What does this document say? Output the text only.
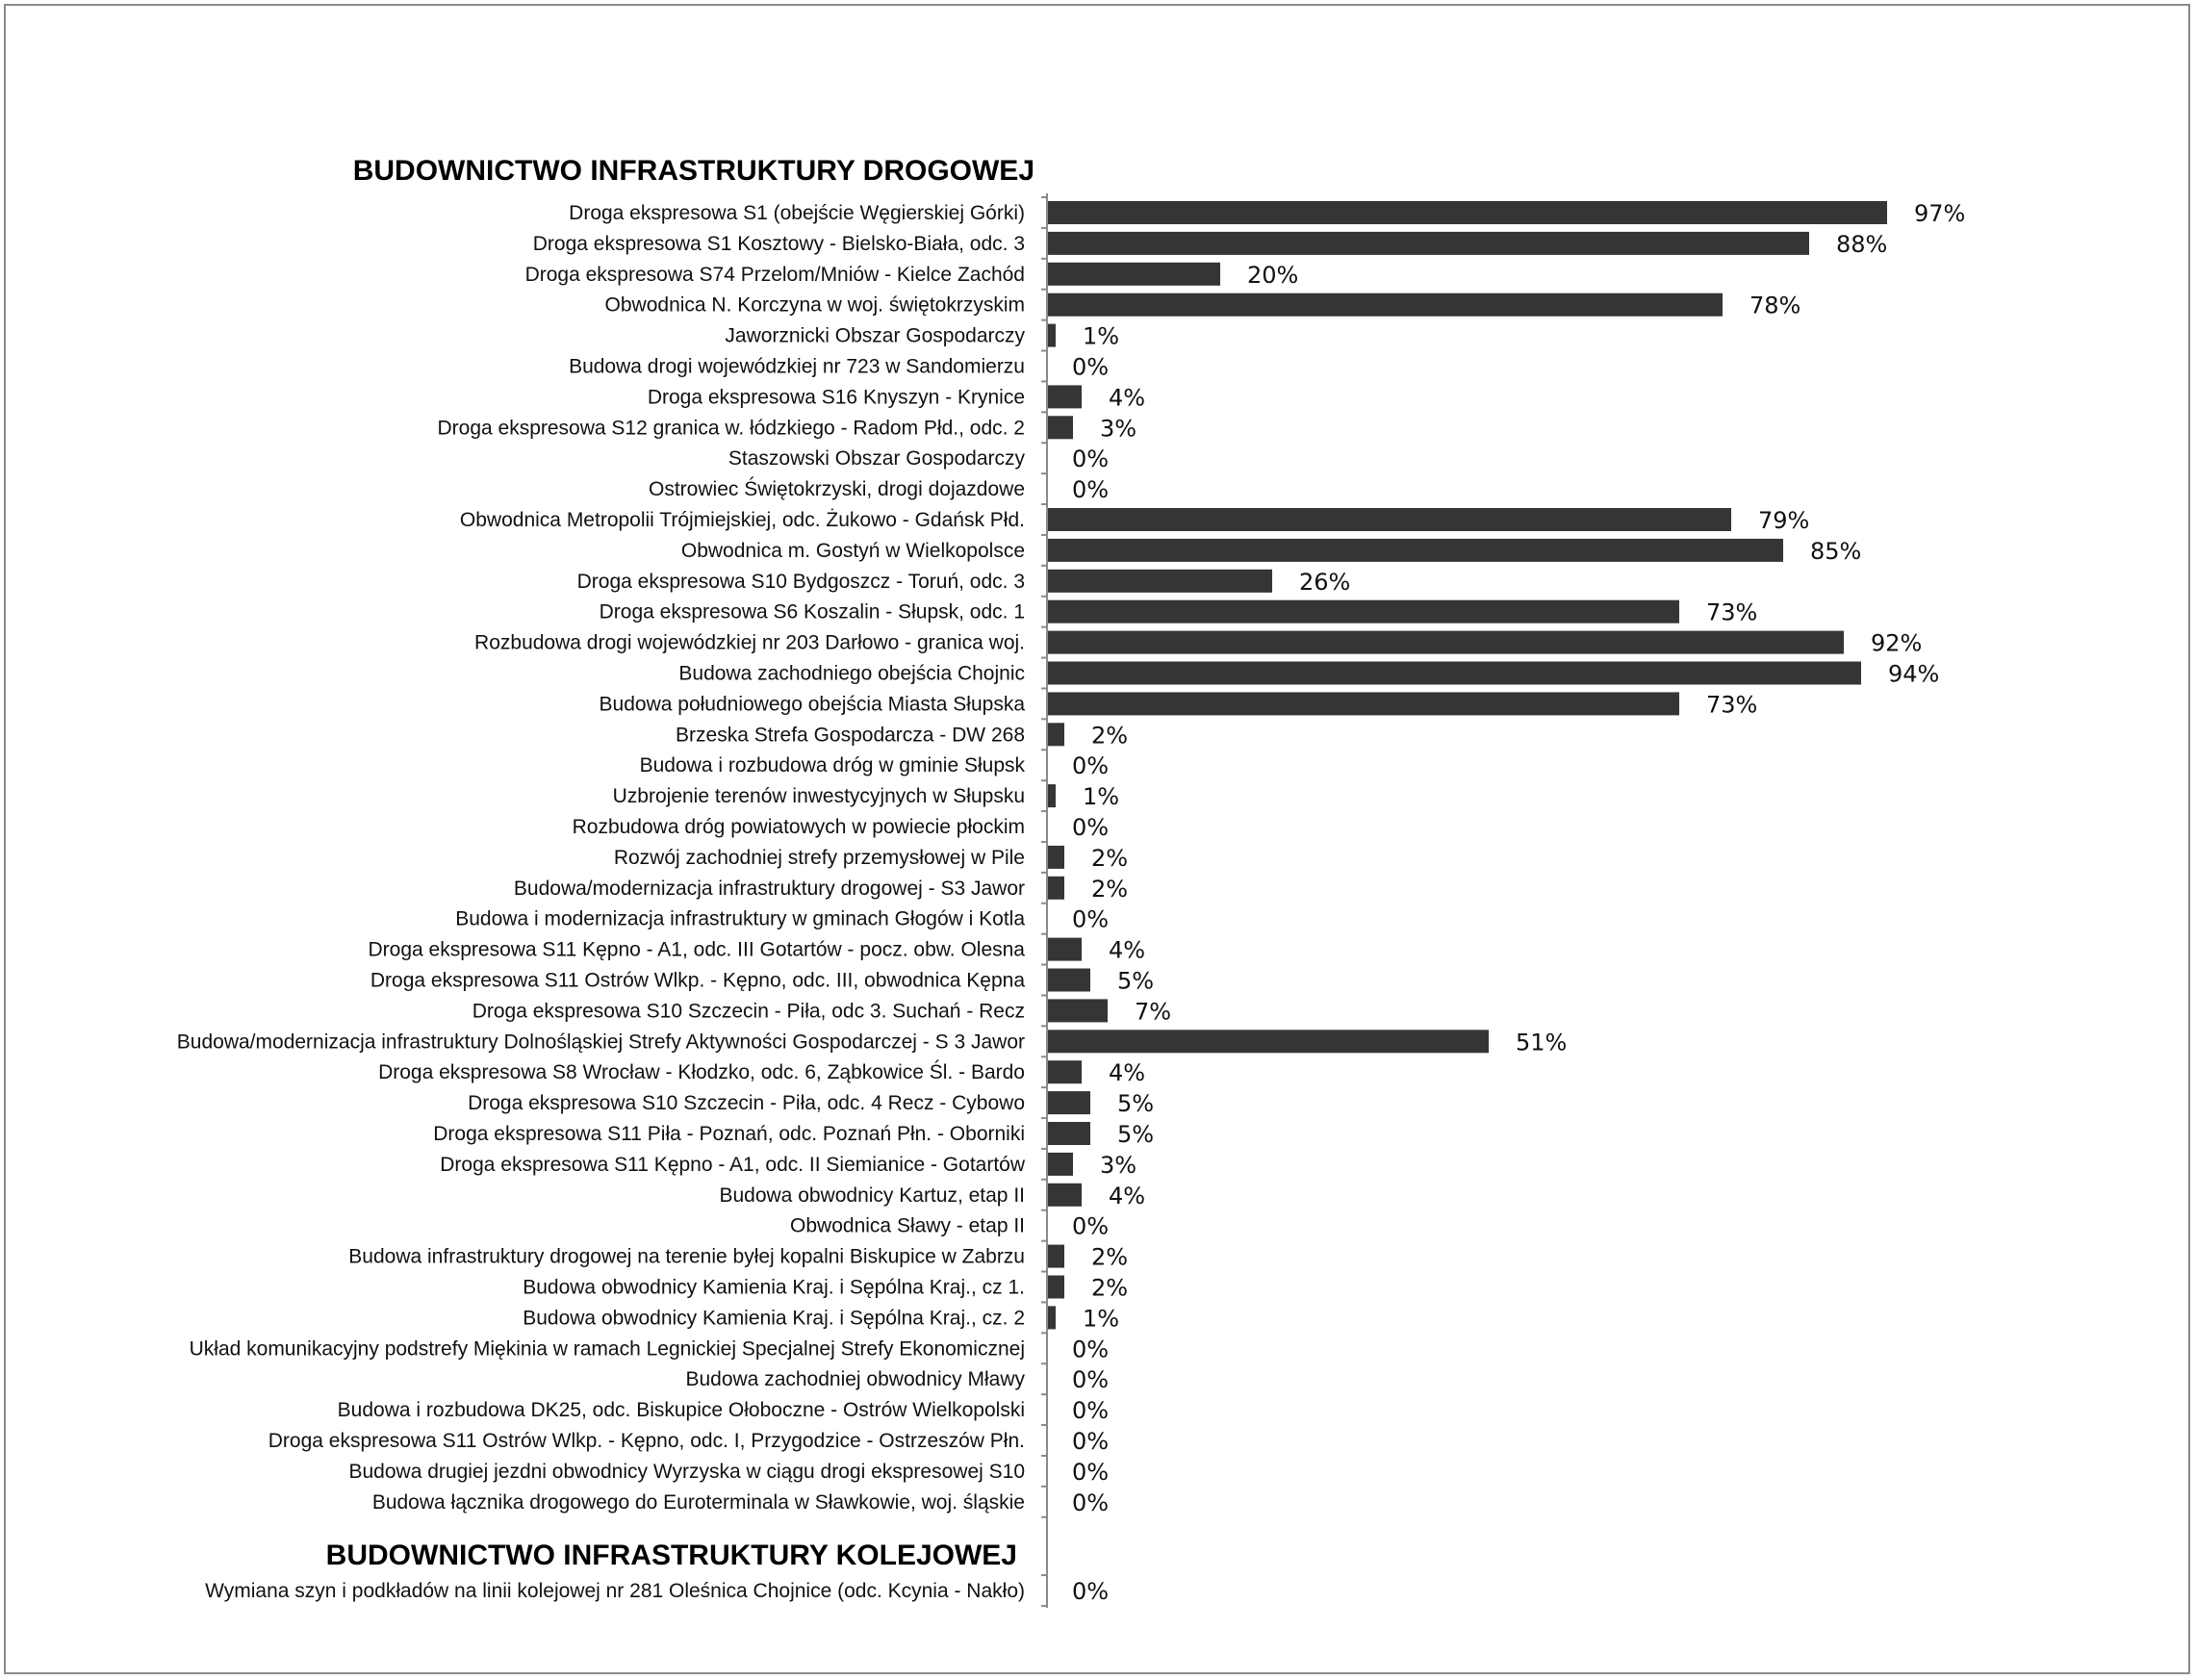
BUDOWNICTWO INFRASTRUKTURY DROGOWEJ
Droga ekspresowa S1 (obejście Węgierskiej Górki)	97%
Droga ekspresowa S1 Kosztowy - Bielsko-Biała, odc. 3	88%
Droga ekspresowa S74 Przelom/Mniów - Kielce Zachód	20%
Obwodnica N. Korczyna w woj. świętokrzyskim	78%
Jaworznicki Obszar Gospodarczy	1%
Budowa drogi wojewódzkiej nr 723 w Sandomierzu 0%
Droga ekspresowa S16 Knyszyn - Krynice	4%
Droga ekspresowa S12 granica w. łódzkiego - Radom Płd., odc. 2	3%
Staszowski Obszar Gospodarczy 0%
Ostrowiec Świętokrzyski, drogi dojazdowe 0%
Obwodnica Metropolii Trójmiejskiej, odc. Żukowo - Gdańsk Płd.	79%
Obwodnica m. Gostyń w Wielkopolsce	85%
Droga ekspresowa S10 Bydgoszcz - Toruń, odc. 3	26%
Droga ekspresowa S6 Koszalin - Słupsk, odc. 1	73%
Rozbudowa drogi wojewódzkiej nr 203 Darłowo - granica woj.	92%
Budowa zachodniego obejścia Chojnic	94%
Budowa południowego obejścia Miasta Słupska	73%
Brzeska Strefa Gospodarcza - DW 268	2%
Budowa i rozbudowa dróg w gminie Słupsk 0%
Uzbrojenie terenów inwestycyjnych w Słupsku	1%
Rozbudowa dróg powiatowych w powiecie płockim 0%
Rozwój zachodniej strefy przemysłowej w Pile	2%
Budowa/modernizacja infrastruktury drogowej - S3 Jawor	2%
Budowa i modernizacja infrastruktury w gminach Głogów i Kotla 0%
Droga ekspresowa S11 Kępno - A1, odc. III Gotartów - pocz. obw. Olesna	4%
Droga ekspresowa S11 Ostrów Wlkp. - Kępno, odc. III, obwodnica Kępna	5%
Droga ekspresowa S10 Szczecin - Piła, odc 3. Suchań - Recz	7%
Budowa/modernizacja infrastruktury Dolnośląskiej Strefy Aktywności Gospodarczej - S 3 Jawor	51%
Droga ekspresowa S8 Wrocław - Kłodzko, odc. 6, Ząbkowice Śl. - Bardo	4%
Droga ekspresowa S10 Szczecin - Piła, odc. 4 Recz - Cybowo	5%
Droga ekspresowa S11 Piła - Poznań, odc. Poznań Płn. - Oborniki	5%
Droga ekspresowa S11 Kępno - A1, odc. II Siemianice - Gotartów	3%
Budowa obwodnicy Kartuz, etap II	4%
Obwodnica Sławy - etap II 0%
Budowa infrastruktury drogowej na terenie byłej kopalni Biskupice w Zabrzu	2%
Budowa obwodnicy Kamienia Kraj. i Sępólna Kraj., cz 1.	2%
Budowa obwodnicy Kamienia Kraj. i Sępólna Kraj., cz. 2	1%
Układ komunikacyjny podstrefy Miękinia w ramach Legnickiej Specjalnej Strefy Ekonomicznej 0%
Budowa zachodniej obwodnicy Mławy 0%
Budowa i rozbudowa DK25, odc. Biskupice Ołoboczne - Ostrów Wielkopolski 0%
Droga ekspresowa S11 Ostrów Wlkp. - Kępno, odc. I, Przygodzice - Ostrzeszów Płn. 0%
Budowa drugiej jezdni obwodnicy Wyrzyska w ciągu drogi ekspresowej S10 0%
Budowa łącznika drogowego do Euroterminala w Sławkowie, woj. śląskie 0%
BUDOWNICTWO INFRASTRUKTURY KOLEJOWEJ
Wymiana szyn i podkładów na linii kolejowej nr 281 Oleśnica Chojnice (odc. Kcynia - Nakło) 0%
